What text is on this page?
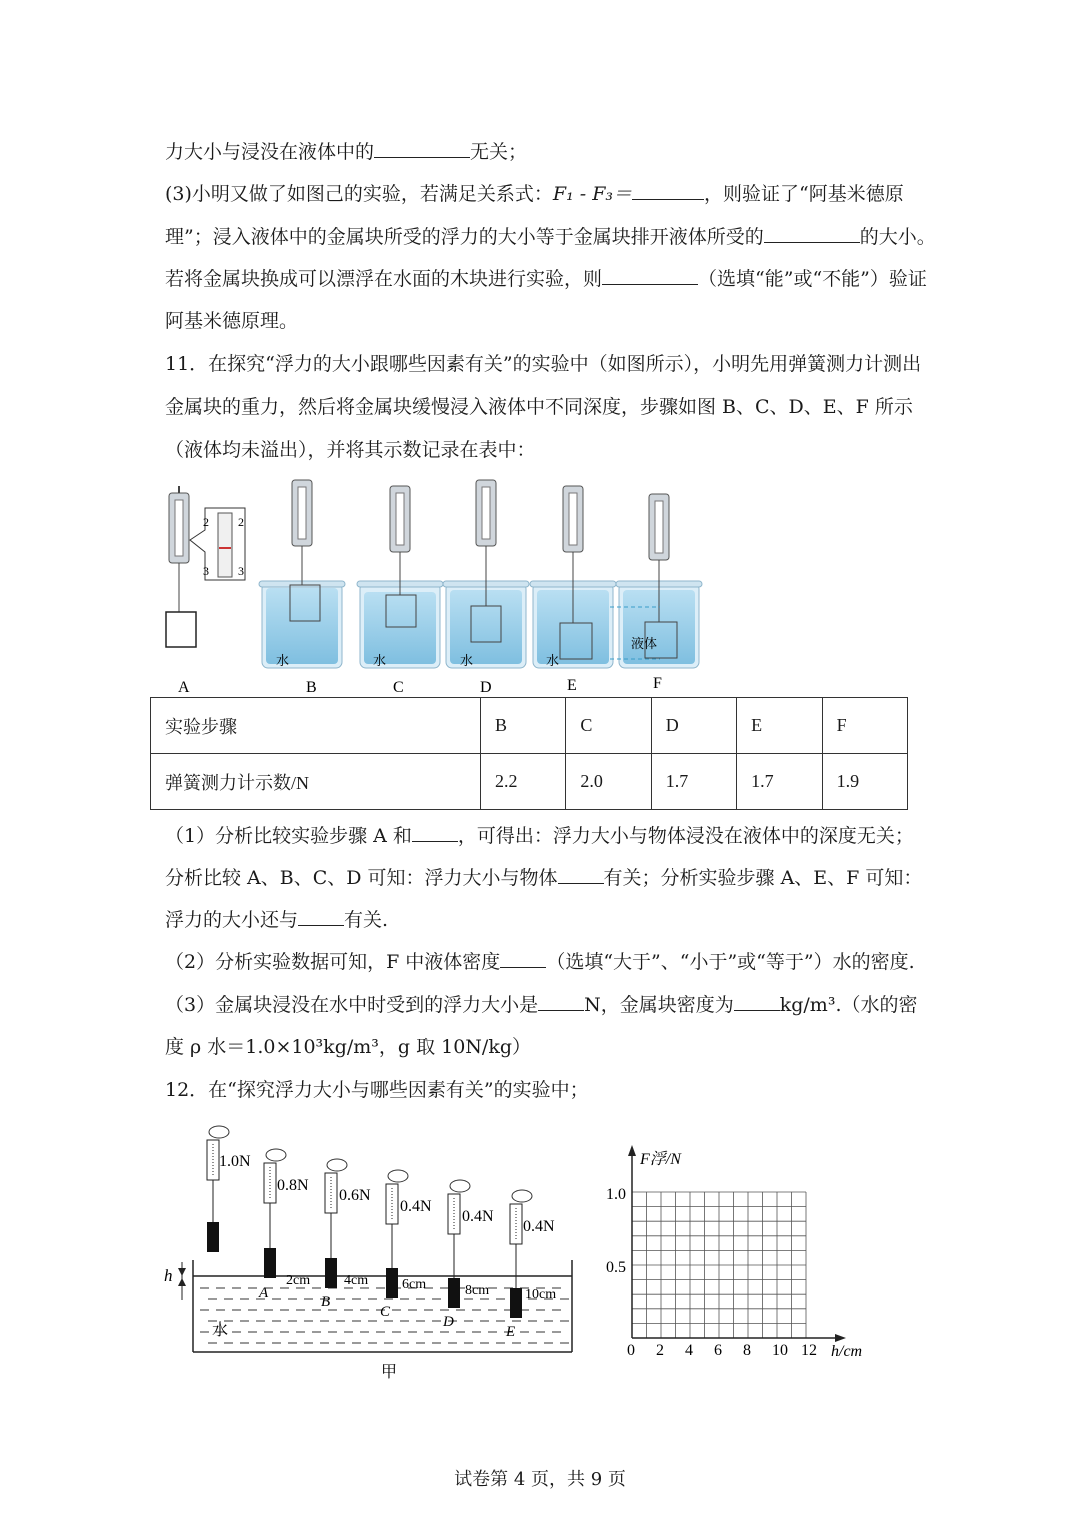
力大小与浸没在液体中的	无关；
(3)小明又做了如图己的实验，若满足关系式：F₁ - F₃＝	，则验证了“阿基米德原
理”；浸入液体中的金属块所受的浮力的大小等于金属块排开液体所受的	的大小。
若将金属块换成可以漂浮在水面的木块进行实验，则	（选填“能”或“不能”）验证
阿基米德原理。
11．在探究“浮力的大小跟哪些因素有关”的实验中（如图所示），小明先用弹簧测力计测出
金属块的重力，然后将金属块缓慢浸入液体中不同深度，步骤如图 B、C、D、E、F 所示
（液体均未溢出），并将其示数记录在表中：
2 2
3 3
水	水	水	水
液体
A	B	C	D	E	F
实验步骤	B	C	D	E	F
弹簧测力计示数/N	2.2	2.0	1.7	1.7	1.9
（1）分析比较实验步骤 A 和 ，可得出：浮力大小与物体浸没在液体中的深度无关；
分析比较 A、B、C、D 可知：浮力大小与物体 有关；分析实验步骤 A、E、F 可知：
浮力的大小还与 有关.
（2）分析实验数据可知，F 中液体密度 （选填“大于”、“小于”或“等于”）水的密度.
（3）金属块浸没在水中时受到的浮力大小是 N，金属块密度为 kg/m³.（水的密
度 ρ 水＝1.0×10³kg/m³，g 取 10N/kg）
12．在“探究浮力大小与哪些因素有关”的实验中；
h
水
甲
1.0N
0.8N
0.6N
0.4N
0.4N
0.4N
2cm 4cm 6cm	8cm	10cm
A
B
C
D
E
F浮/N
h/cm
1.0
0.5
0 2 4 6 8 10 12
试卷第 4 页，共 9 页
